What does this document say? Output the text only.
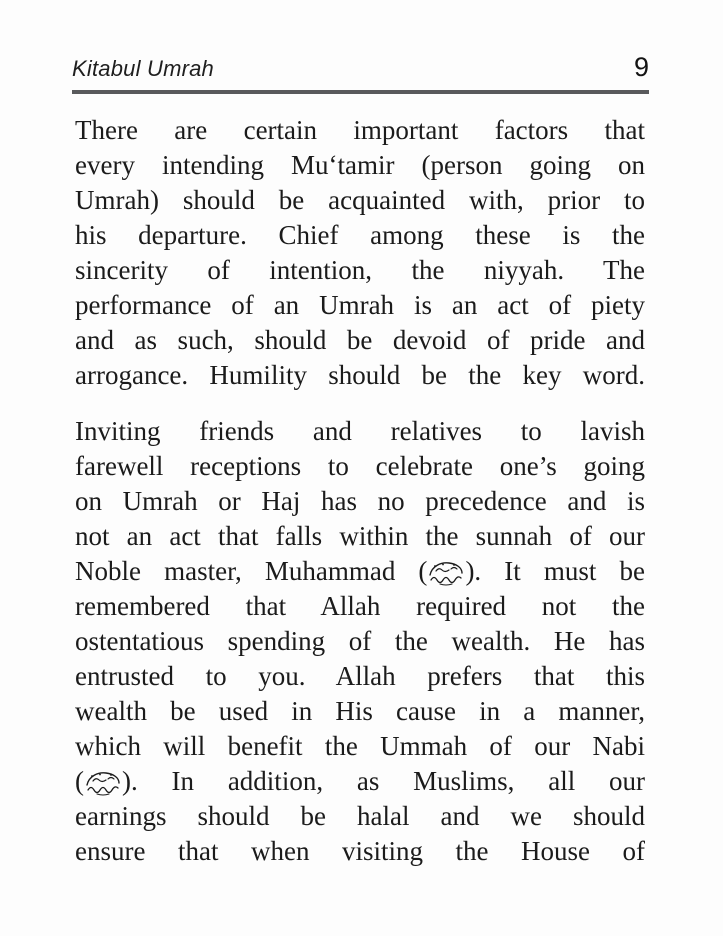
Kitabul Umrah	9
There are certain important factors that
every intending Mu‘tamir (person going on
Umrah) should be acquainted with, prior to
his departure. Chief among these is the
sincerity of intention, the niyyah. The
performance of an Umrah is an act of piety
and as such, should be devoid of pride and
arrogance. Humility should be the key word.
Inviting friends and relatives to lavish
farewell receptions to celebrate one’s going
on Umrah or Haj has no precedence and is
not an act that falls within the sunnah of our
Noble master, Muhammad ( ). It must be
remembered that Allah required not the
ostentatious spending of the wealth. He has
entrusted to you. Allah prefers that this
wealth be used in His cause in a manner,
which will benefit the Ummah of our Nabi
( ). In addition, as Muslims, all our
earnings should be halal and we should
ensure that when visiting the House of
